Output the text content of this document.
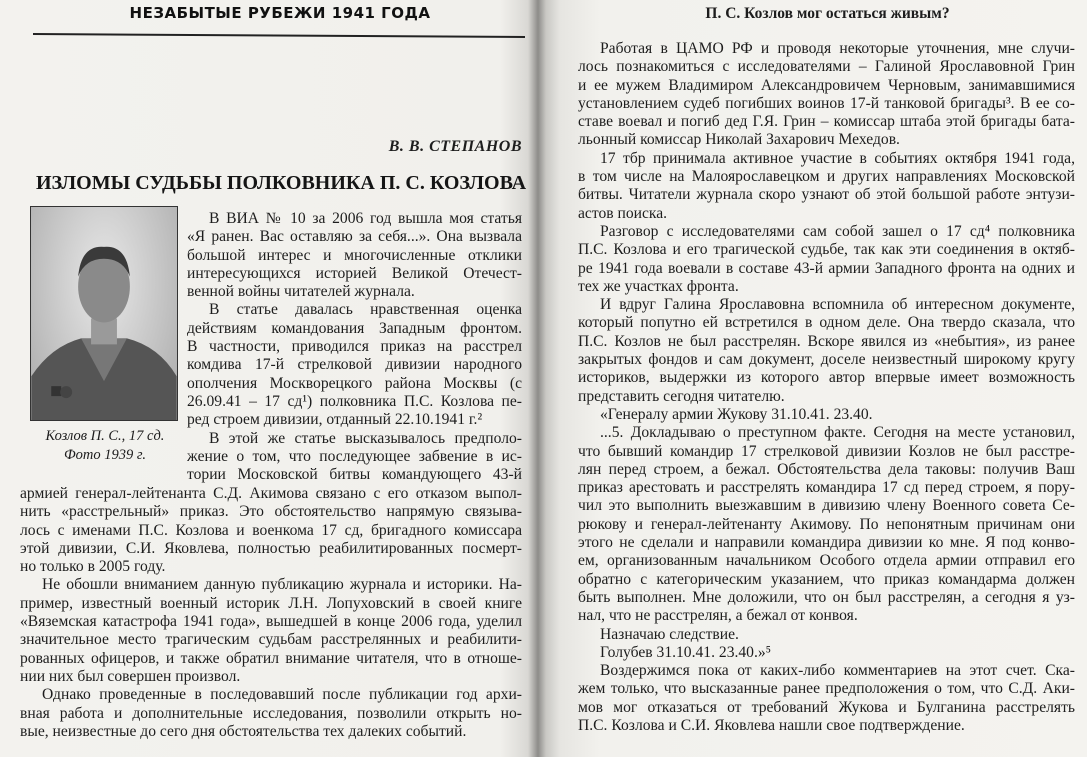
НЕЗАБЫТЫЕ РУБЕЖИ 1941 ГОДА
В. В. СТЕПАНОВ
ИЗЛОМЫ СУДЬБЫ ПОЛКОВНИКА П. С. КОЗЛОВА
Козлов П. С., 17 сд.
Фото 1939 г.
В ВИА № 10 за 2006 год вышла моя статья
«Я ранен. Вас оставляю за себя...». Она вызвала
большой интерес и многочисленные отклики
интересующихся историей Великой Отечест-
венной войны читателей журнала.
В статье давалась нравственная оценка
действиям командования Западным фронтом.
В частности, приводился приказ на расстрел
комдива 17-й стрелковой дивизии народного
ополчения Москворецкого района Москвы (с
26.09.41 – 17 сд¹) полковника П.С. Козлова пе-
ред строем дивизии, отданный 22.10.1941 г.²
В этой же статье высказывалось предполо-
жение о том, что последующее забвение в ис-
тории Московской битвы командующего 43-й
армией генерал-лейтенанта С.Д. Акимова связано с его отказом выпол-
нить «расстрельный» приказ. Это обстоятельство напрямую связыва-
лось с именами П.С. Козлова и военкома 17 сд, бригадного комиссара
этой дивизии, С.И. Яковлева, полностью реабилитированных посмерт-
но только в 2005 году.
Не обошли вниманием данную публикацию журнала и историки. На-
пример, известный военный историк Л.Н. Лопуховский в своей книге
«Вяземская катастрофа 1941 года», вышедшей в конце 2006 года, уделил
значительное место трагическим судьбам расстрелянных и реабилити-
рованных офицеров, и также обратил внимание читателя, что в отноше-
нии них был совершен произвол.
Однако проведенные в последовавший после публикации год архи-
вная работа и дополнительные исследования, позволили открыть но-
вые, неизвестные до сего дня обстоятельства тех далеких событий.
П. С. Козлов мог остаться живым?
Работая в ЦАМО РФ и проводя некоторые уточнения, мне случи-
лось познакомиться с исследователями – Галиной Ярославовной Грин
и ее мужем Владимиром Александровичем Черновым, занимавшимися
установлением судеб погибших воинов 17-й танковой бригады³. В ее со-
ставе воевал и погиб дед Г.Я. Грин – комиссар штаба этой бригады бата-
льонный комиссар Николай Захарович Мехедов.
17 тбр принимала активное участие в событиях октября 1941 года,
в том числе на Малоярославецком и других направлениях Московской
битвы. Читатели журнала скоро узнают об этой большой работе энтузи-
астов поиска.
Разговор с исследователями сам собой зашел о 17 сд⁴ полковника
П.С. Козлова и его трагической судьбе, так как эти соединения в октяб-
ре 1941 года воевали в составе 43-й армии Западного фронта на одних и
тех же участках фронта.
И вдруг Галина Ярославовна вспомнила об интересном документе,
который попутно ей встретился в одном деле. Она твердо сказала, что
П.С. Козлов не был расстрелян. Вскоре явился из «небытия», из ранее
закрытых фондов и сам документ, доселе неизвестный широкому кругу
историков, выдержки из которого автор впервые имеет возможность
представить сегодня читателю.
«Генералу армии Жукову 31.10.41. 23.40.
...5. Докладываю о преступном факте. Сегодня на месте установил,
что бывший командир 17 стрелковой дивизии Козлов не был расстре-
лян перед строем, а бежал. Обстоятельства дела таковы: получив Ваш
приказ арестовать и расстрелять командира 17 сд перед строем, я пору-
чил это выполнить выезжавшим в дивизию члену Военного совета Се-
рюкову и генерал-лейтенанту Акимову. По непонятным причинам они
этого не сделали и направили командира дивизии ко мне. Я под конво-
ем, организованным начальником Особого отдела армии отправил его
обратно с категорическим указанием, что приказ командарма должен
быть выполнен. Мне доложили, что он был расстрелян, а сегодня я уз-
нал, что не расстрелян, а бежал от конвоя.
Назначаю следствие.
Голубев 31.10.41. 23.40.»⁵
Воздержимся пока от каких-либо комментариев на этот счет. Ска-
жем только, что высказанные ранее предположения о том, что С.Д. Аки-
мов мог отказаться от требований Жукова и Булганина расстрелять
П.С. Козлова и С.И. Яковлева нашли свое подтверждение.
